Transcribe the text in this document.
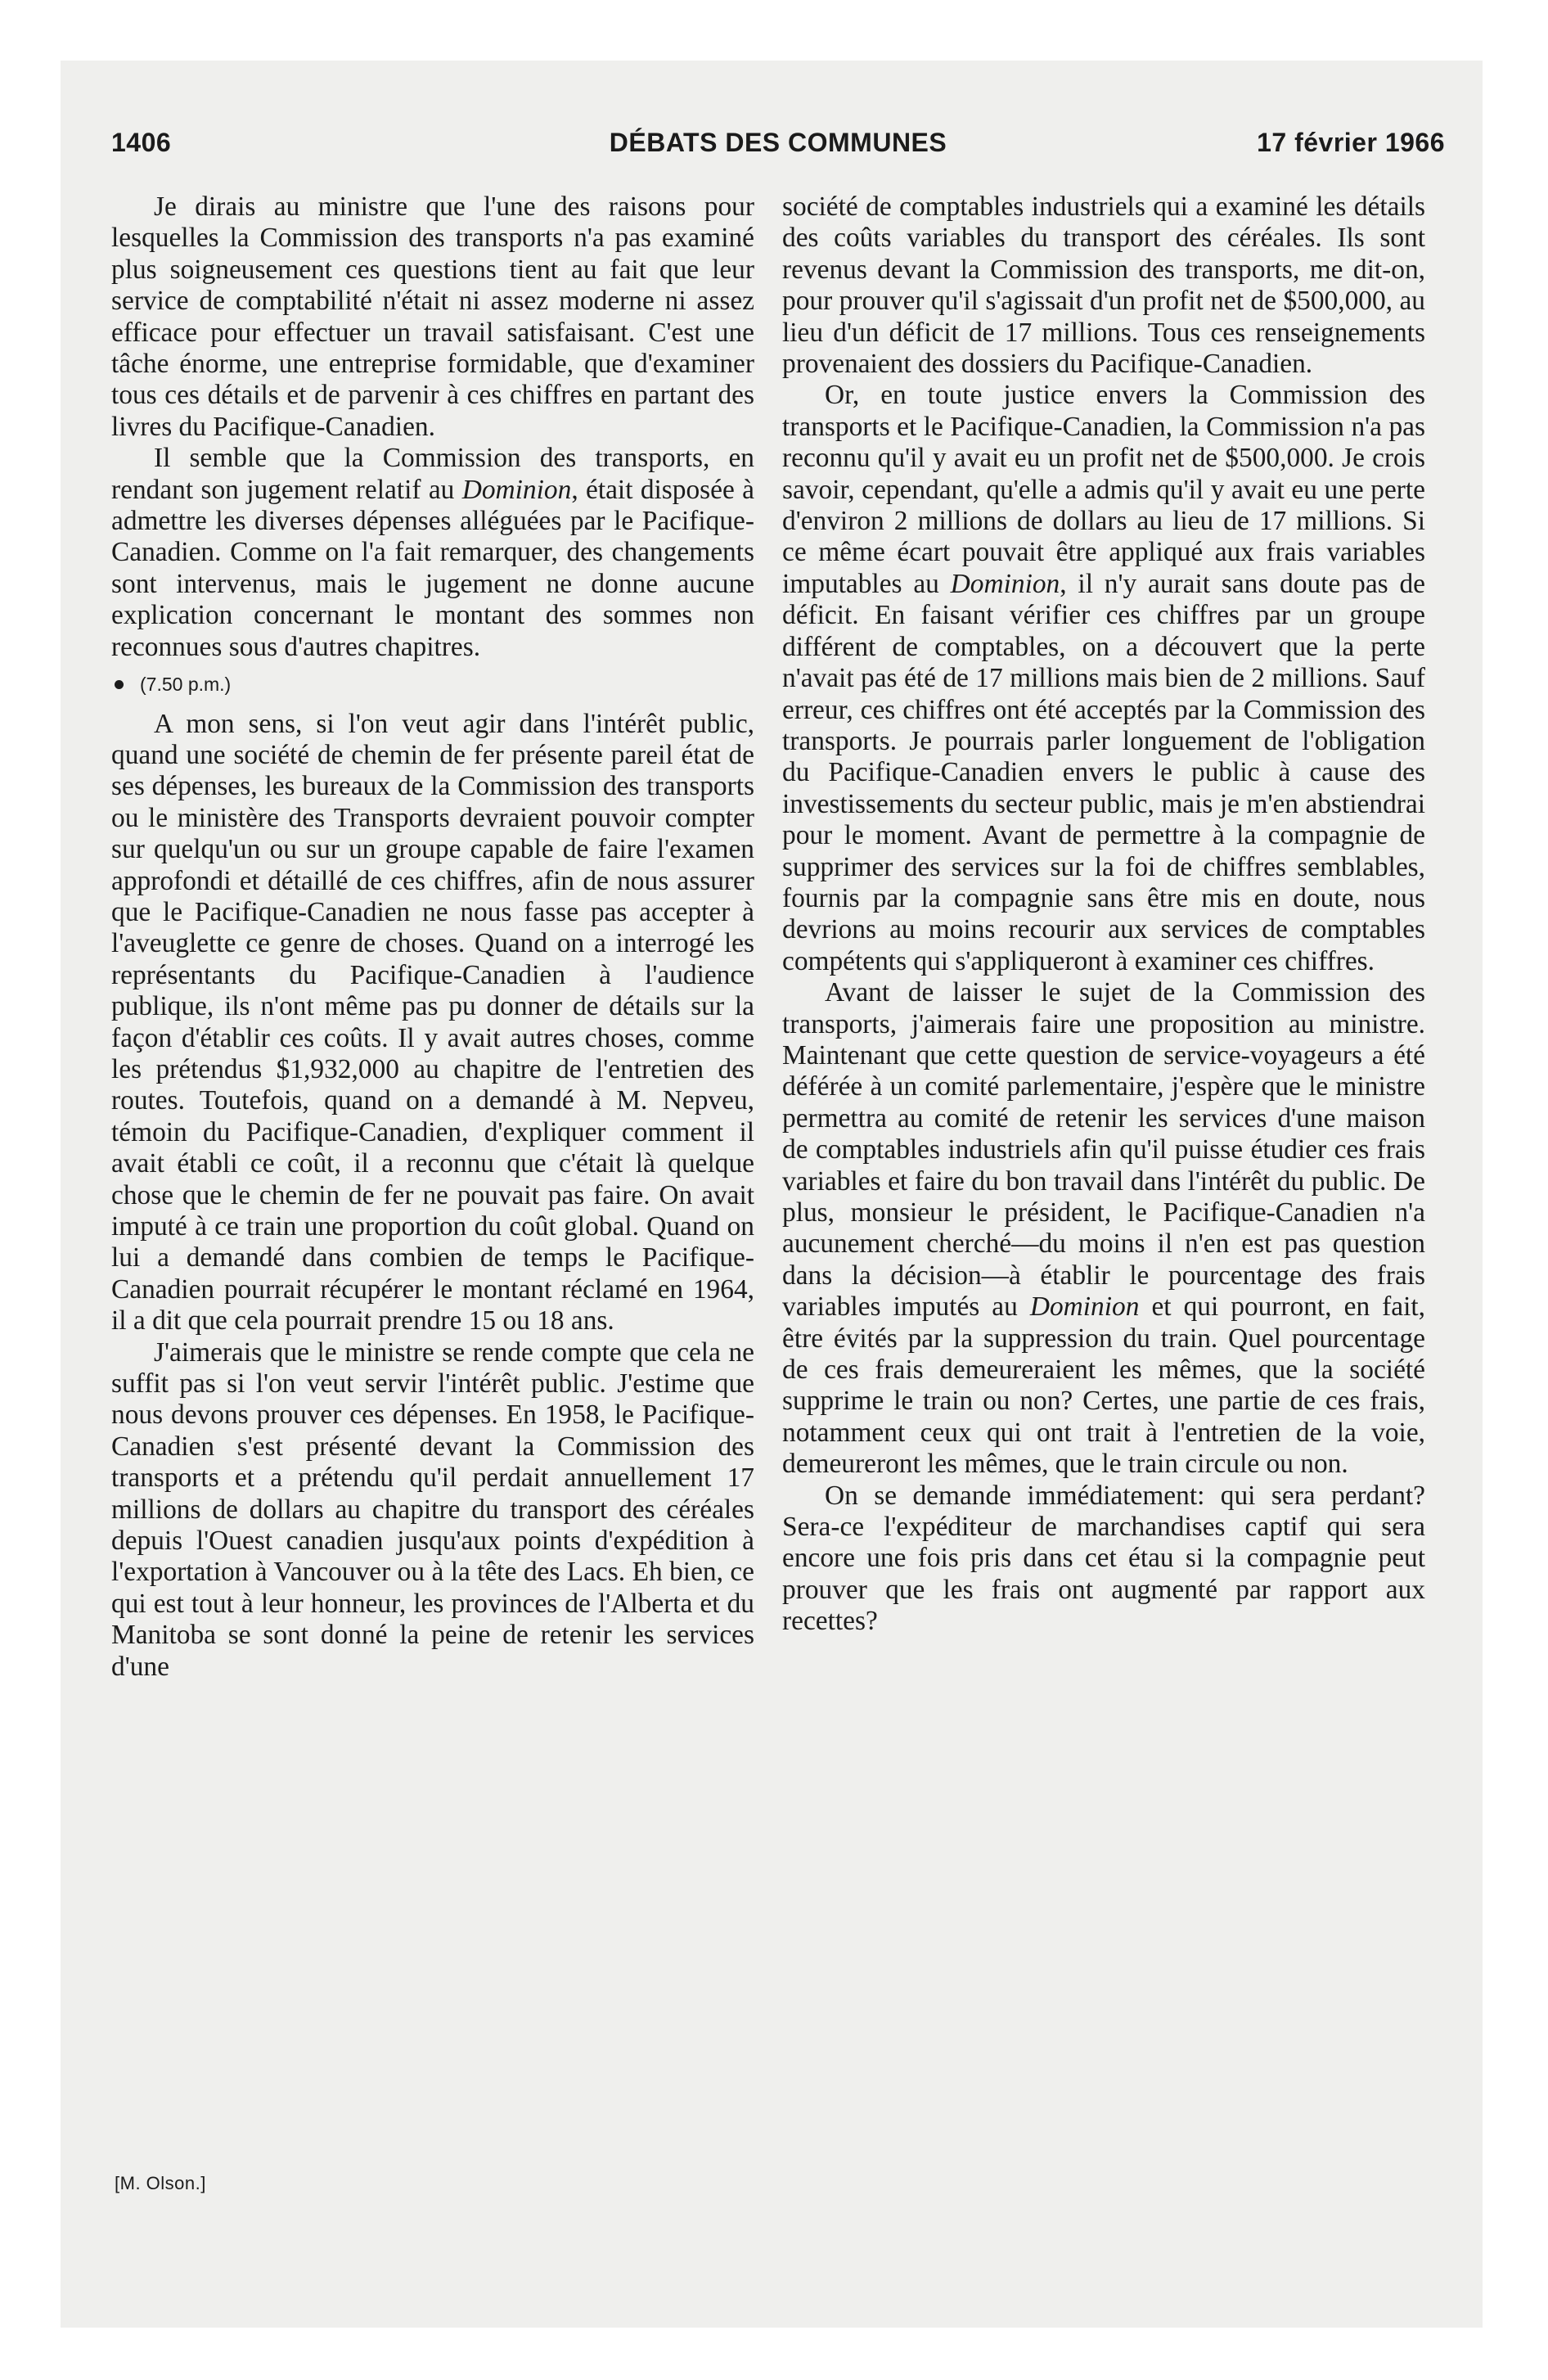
1406	DÉBATS DES COMMUNES	17 février 1966

Je dirais au ministre que l'une des raisons pour lesquelles la Commission des transports n'a pas examiné plus soigneusement ces questions tient au fait que leur service de comptabilité n'était ni assez moderne ni assez efficace pour effectuer un travail satisfaisant. C'est une tâche énorme, une entreprise formidable, que d'examiner tous ces détails et de parvenir à ces chiffres en partant des livres du Pacifique-Canadien.

Il semble que la Commission des transports, en rendant son jugement relatif au Dominion, était disposée à admettre les diverses dépenses alléguées par le Pacifique-Canadien. Comme on l'a fait remarquer, des changements sont intervenus, mais le jugement ne donne aucune explication concernant le montant des sommes non reconnues sous d'autres chapitres.

(7.50 p.m.)

A mon sens, si l'on veut agir dans l'intérêt public, quand une société de chemin de fer présente pareil état de ses dépenses, les bureaux de la Commission des transports ou le ministère des Transports devraient pouvoir compter sur quelqu'un ou sur un groupe capable de faire l'examen approfondi et détaillé de ces chiffres, afin de nous assurer que le Pacifique-Canadien ne nous fasse pas accepter à l'aveuglette ce genre de choses. Quand on a interrogé les représentants du Pacifique-Canadien à l'audience publique, ils n'ont même pas pu donner de détails sur la façon d'établir ces coûts. Il y avait autres choses, comme les prétendus $1,932,000 au chapitre de l'entretien des routes. Toutefois, quand on a demandé à M. Nepveu, témoin du Pacifique-Canadien, d'expliquer comment il avait établi ce coût, il a reconnu que c'était là quelque chose que le chemin de fer ne pouvait pas faire. On avait imputé à ce train une proportion du coût global. Quand on lui a demandé dans combien de temps le Pacifique-Canadien pourrait récupérer le montant réclamé en 1964, il a dit que cela pourrait prendre 15 ou 18 ans.

J'aimerais que le ministre se rende compte que cela ne suffit pas si l'on veut servir l'intérêt public. J'estime que nous devons prouver ces dépenses. En 1958, le Pacifique-Canadien s'est présenté devant la Commission des transports et a prétendu qu'il perdait annuellement 17 millions de dollars au chapitre du transport des céréales depuis l'Ouest canadien jusqu'aux points d'expédition à l'exportation à Vancouver ou à la tête des Lacs. Eh bien, ce qui est tout à leur honneur, les provinces de l'Alberta et du Manitoba se sont donné la peine de retenir les services d'une

société de comptables industriels qui a examiné les détails des coûts variables du transport des céréales. Ils sont revenus devant la Commission des transports, me dit-on, pour prouver qu'il s'agissait d'un profit net de $500,000, au lieu d'un déficit de 17 millions. Tous ces renseignements provenaient des dossiers du Pacifique-Canadien.

Or, en toute justice envers la Commission des transports et le Pacifique-Canadien, la Commission n'a pas reconnu qu'il y avait eu un profit net de $500,000. Je crois savoir, cependant, qu'elle a admis qu'il y avait eu une perte d'environ 2 millions de dollars au lieu de 17 millions. Si ce même écart pouvait être appliqué aux frais variables imputables au Dominion, il n'y aurait sans doute pas de déficit. En faisant vérifier ces chiffres par un groupe différent de comptables, on a découvert que la perte n'avait pas été de 17 millions mais bien de 2 millions. Sauf erreur, ces chiffres ont été acceptés par la Commission des transports. Je pourrais parler longuement de l'obligation du Pacifique-Canadien envers le public à cause des investissements du secteur public, mais je m'en abstiendrai pour le moment. Avant de permettre à la compagnie de supprimer des services sur la foi de chiffres semblables, fournis par la compagnie sans être mis en doute, nous devrions au moins recourir aux services de comptables compétents qui s'appliqueront à examiner ces chiffres.

Avant de laisser le sujet de la Commission des transports, j'aimerais faire une proposition au ministre. Maintenant que cette question de service-voyageurs a été déférée à un comité parlementaire, j'espère que le ministre permettra au comité de retenir les services d'une maison de comptables industriels afin qu'il puisse étudier ces frais variables et faire du bon travail dans l'intérêt du public. De plus, monsieur le président, le Pacifique-Canadien n'a aucunement cherché—du moins il n'en est pas question dans la décision—à établir le pourcentage des frais variables imputés au Dominion et qui pourront, en fait, être évités par la suppression du train. Quel pourcentage de ces frais demeureraient les mêmes, que la société supprime le train ou non? Certes, une partie de ces frais, notamment ceux qui ont trait à l'entretien de la voie, demeureront les mêmes, que le train circule ou non.

On se demande immédiatement: qui sera perdant? Sera-ce l'expéditeur de marchandises captif qui sera encore une fois pris dans cet étau si la compagnie peut prouver que les frais ont augmenté par rapport aux recettes?

[M. Olson.]
